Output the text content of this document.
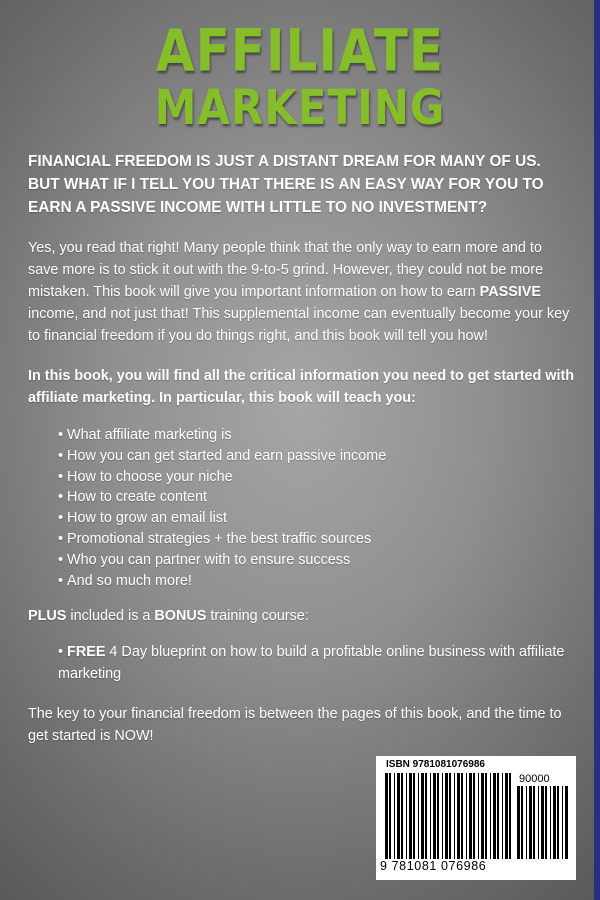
AFFILIATE
MARKETING

FINANCIAL FREEDOM IS JUST A DISTANT DREAM FOR MANY OF US. BUT WHAT IF I TELL YOU THAT THERE IS AN EASY WAY FOR YOU TO EARN A PASSIVE INCOME WITH LITTLE TO NO INVESTMENT?

Yes, you read that right! Many people think that the only way to earn more and to save more is to stick it out with the 9-to-5 grind. However, they could not be more mistaken. This book will give you important information on how to earn PASSIVE income, and not just that! This supplemental income can eventually become your key to financial freedom if you do things right, and this book will tell you how!

In this book, you will find all the critical information you need to get started with affiliate marketing. In particular, this book will teach you:

• What affiliate marketing is
• How you can get started and earn passive income
• How to choose your niche
• How to create content
• How to grow an email list
• Promotional strategies + the best traffic sources
• Who you can partner with to ensure success
• And so much more!

PLUS included is a BONUS training course:

• FREE 4 Day blueprint on how to build a profitable online business with affiliate marketing

The key to your financial freedom is between the pages of this book, and the time to get started is NOW!

ISBN 9781081076986
90000
9 781081 076986
